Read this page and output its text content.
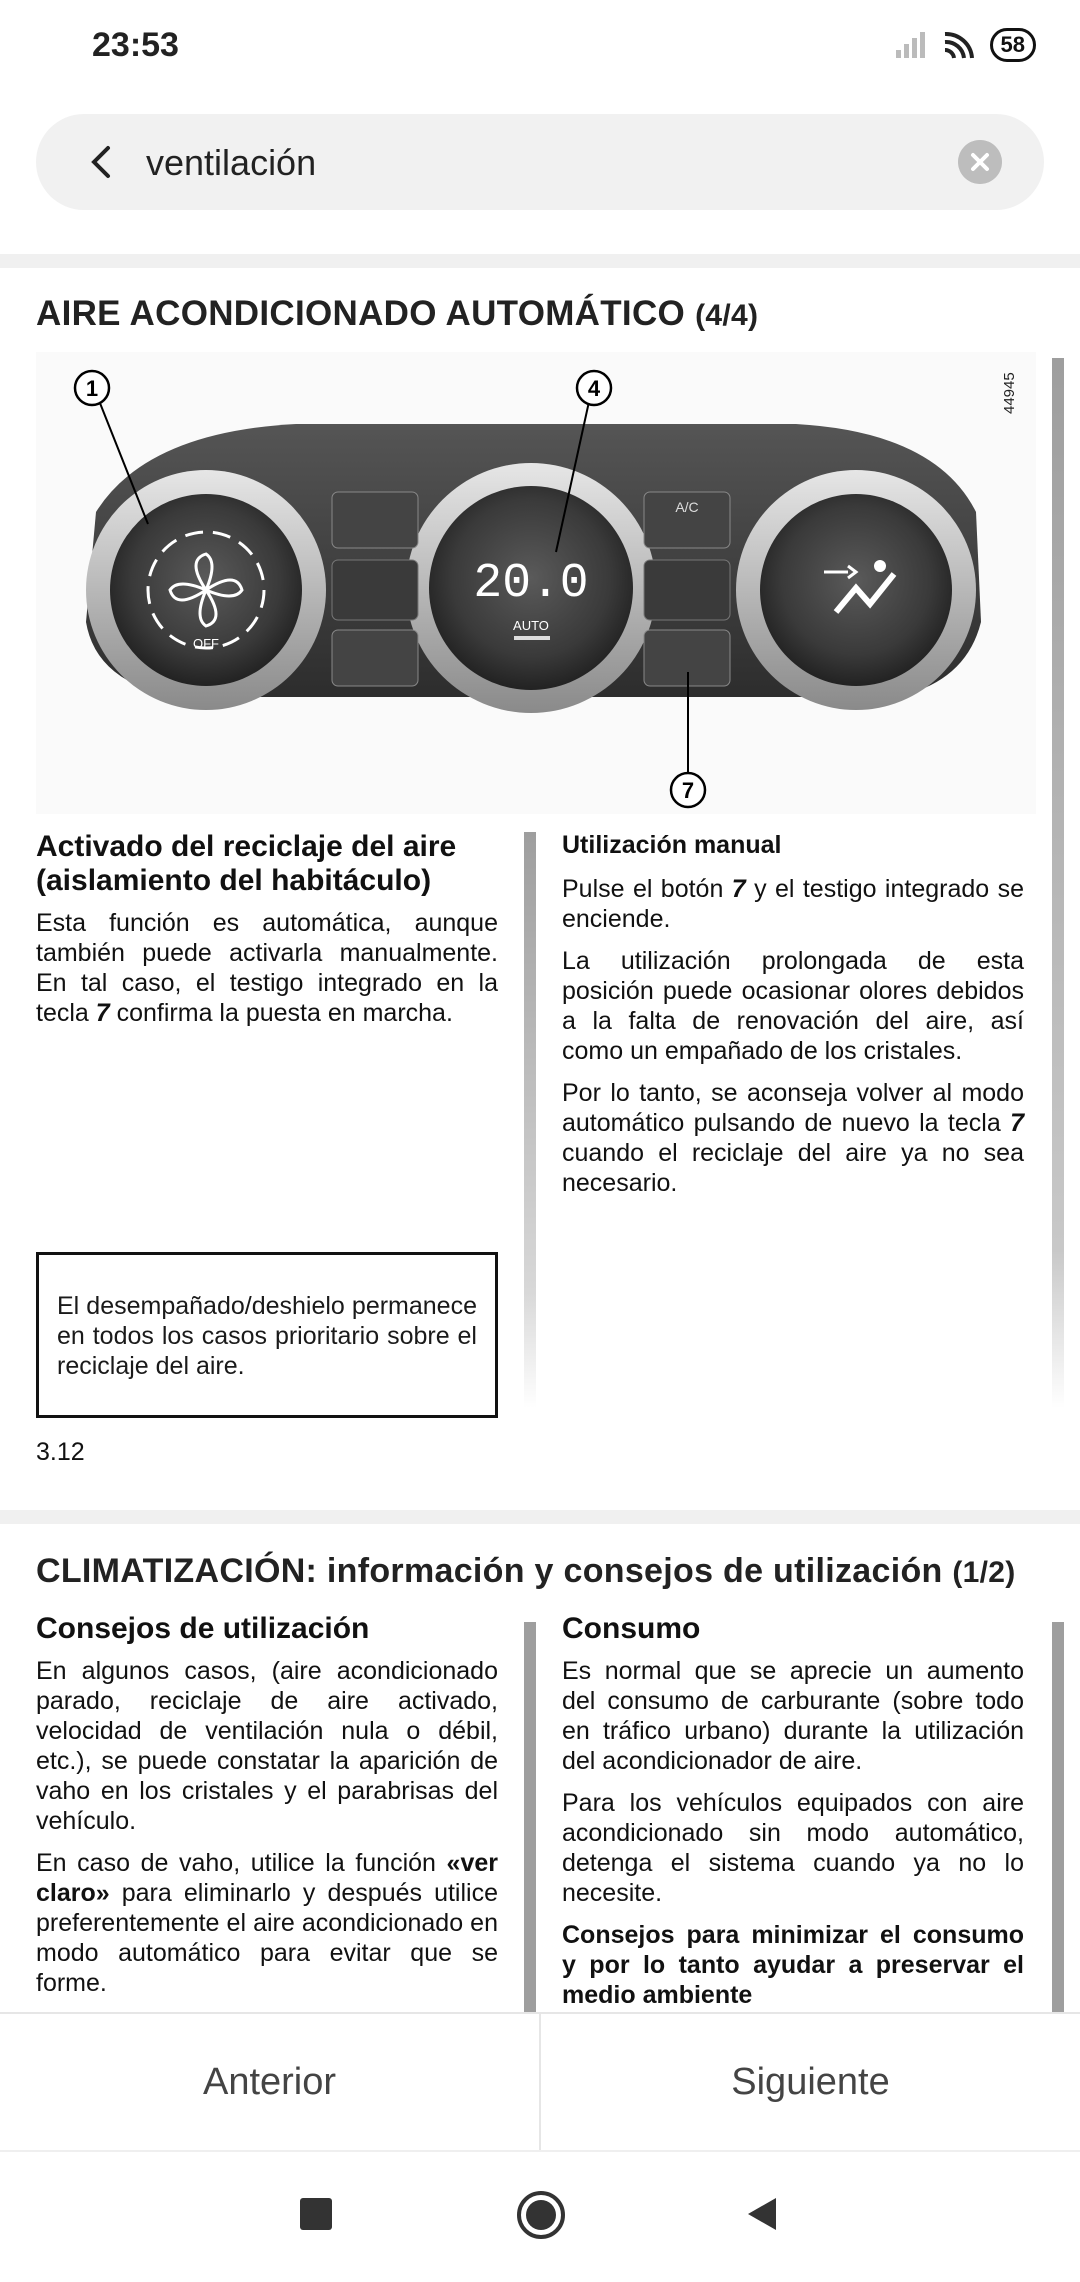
23:53	58
ventilación
AIRE ACONDICIONADO AUTOMÁTICO (4/4)
OFF
20.0
AUTO
A/C
1	4
7
44945
Activado del reciclaje del aire (aislamiento del habitáculo)

Esta función es automática, aunque también puede activarla manualmente. En tal caso, el testigo integrado en la tecla 7 confirma la puesta en marcha.

Utilización manual

Pulse el botón 7 y el testigo integrado se enciende.

La utilización prolongada de esta posición puede ocasionar olores debidos a la falta de renovación del aire, así como un empañado de los cristales.

Por lo tanto, se aconseja volver al modo automático pulsando de nuevo la tecla 7 cuando el reciclaje del aire ya no sea necesario.

El desempañado/deshielo permanece en todos los casos prioritario sobre el reciclaje del aire.
3.12
CLIMATIZACIÓN: información y consejos de utilización (1/2)
Consejos de utilización

En algunos casos, (aire acondicionado parado, reciclaje de aire activado, velocidad de ventilación nula o débil, etc.), se puede constatar la aparición de vaho en los cristales y el parabrisas del vehículo.

En caso de vaho, utilice la función «ver claro» para eliminarlo y después utilice preferentemente el aire acondicionado en modo automático para evitar que se forme.

Consumo

Es normal que se aprecie un aumento del consumo de carburante (sobre todo en tráfico urbano) durante la utilización del acondicionador de aire.

Para los vehículos equipados con aire acondicionado sin modo automático, detenga el sistema cuando ya no lo necesite.

Consejos para minimizar el consumo y por lo tanto ayudar a preservar el medio ambiente

Anterior	Siguiente
